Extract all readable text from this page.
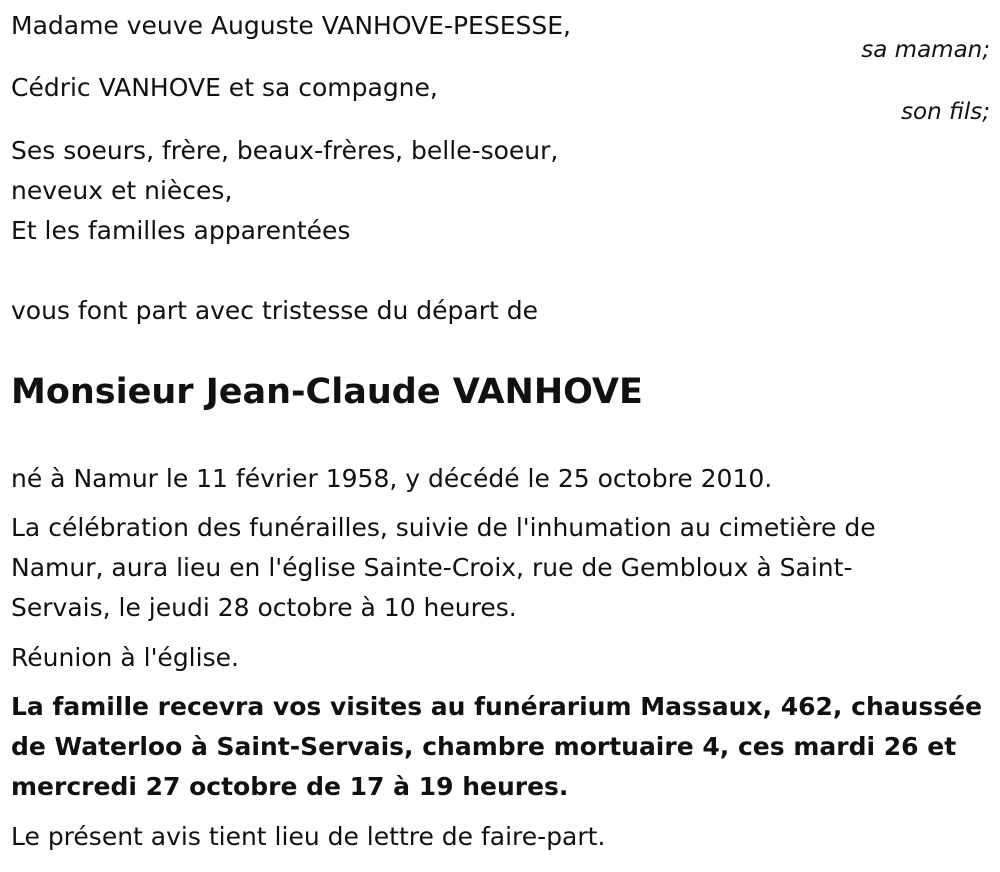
Madame veuve Auguste VANHOVE-PESESSE,
sa maman;
Cédric VANHOVE et sa compagne,
son fils;
Ses soeurs, frère, beaux-frères, belle-soeur,
neveux et nièces,
Et les familles apparentées
vous font part avec tristesse du départ de
Monsieur Jean-Claude VANHOVE
né à Namur le 11 février 1958, y décédé le 25 octobre 2010.
La célébration des funérailles, suivie de l'inhumation au cimetière de
Namur, aura lieu en l'église Sainte-Croix, rue de Gembloux à Saint-
Servais, le jeudi 28 octobre à 10 heures.
Réunion à l'église.
La famille recevra vos visites au funérarium Massaux, 462, chaussée
de Waterloo à Saint-Servais, chambre mortuaire 4, ces mardi 26 et
mercredi 27 octobre de 17 à 19 heures.
Le présent avis tient lieu de lettre de faire-part.
